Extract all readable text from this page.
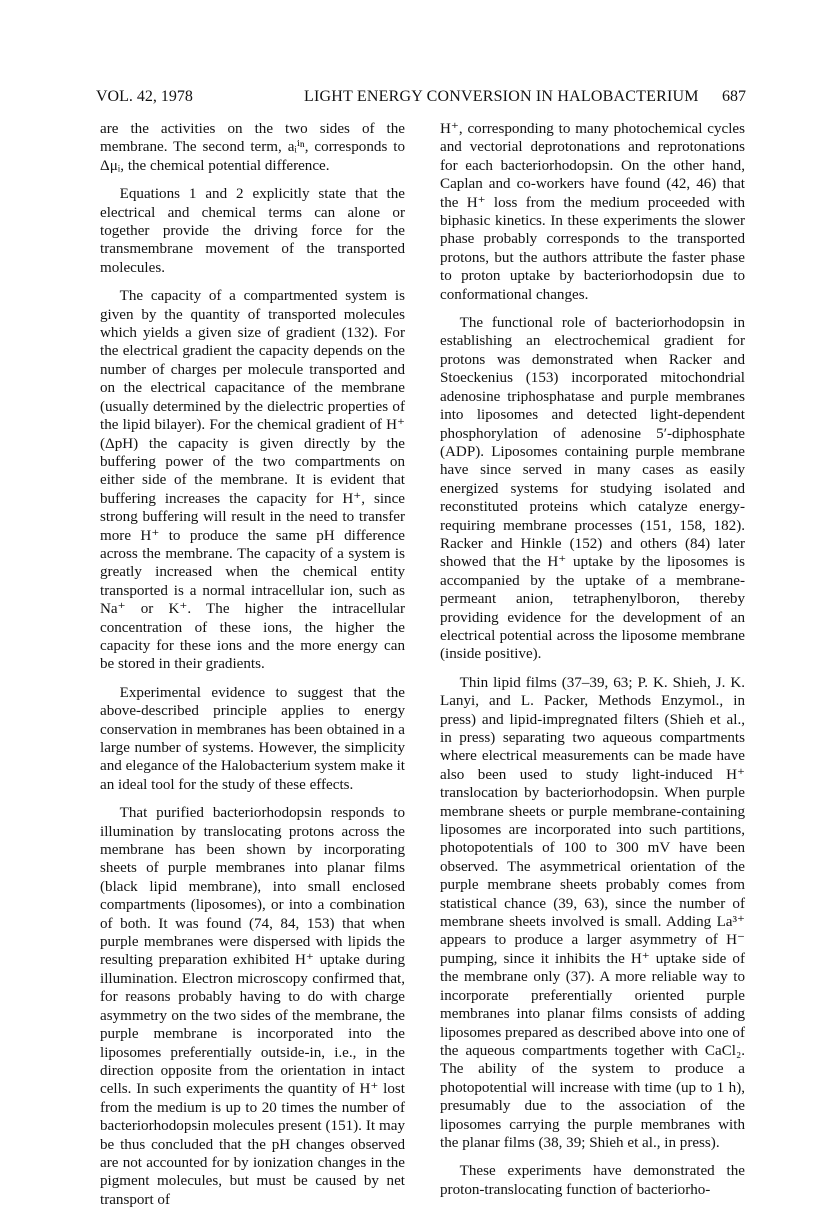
VOL. 42, 1978	LIGHT ENERGY CONVERSION IN HALOBACTERIUM 687

are the activities on the two sides of the membrane. The second term, aᵢⁱⁿ, corresponds to Δμᵢ, the chemical potential difference.

Equations 1 and 2 explicitly state that the electrical and chemical terms can alone or together provide the driving force for the transmembrane movement of the transported molecules.

The capacity of a compartmented system is given by the quantity of transported molecules which yields a given size of gradient (132). For the electrical gradient the capacity depends on the number of charges per molecule transported and on the electrical capacitance of the membrane (usually determined by the dielectric properties of the lipid bilayer). For the chemical gradient of H⁺ (ΔpH) the capacity is given directly by the buffering power of the two compartments on either side of the membrane. It is evident that buffering increases the capacity for H⁺, since strong buffering will result in the need to transfer more H⁺ to produce the same pH difference across the membrane. The capacity of a system is greatly increased when the chemical entity transported is a normal intracellular ion, such as Na⁺ or K⁺. The higher the intracellular concentration of these ions, the higher the capacity for these ions and the more energy can be stored in their gradients.

Experimental evidence to suggest that the above-described principle applies to energy conservation in membranes has been obtained in a large number of systems. However, the simplicity and elegance of the Halobacterium system make it an ideal tool for the study of these effects.

That purified bacteriorhodopsin responds to illumination by translocating protons across the membrane has been shown by incorporating sheets of purple membranes into planar films (black lipid membrane), into small enclosed compartments (liposomes), or into a combination of both. It was found (74, 84, 153) that when purple membranes were dispersed with lipids the resulting preparation exhibited H⁺ uptake during illumination. Electron microscopy confirmed that, for reasons probably having to do with charge asymmetry on the two sides of the membrane, the purple membrane is incorporated into the liposomes preferentially outside-in, i.e., in the direction opposite from the orientation in intact cells. In such experiments the quantity of H⁺ lost from the medium is up to 20 times the number of bacteriorhodopsin molecules present (151). It may be thus concluded that the pH changes observed are not accounted for by ionization changes in the pigment molecules, but must be caused by net transport of

H⁺, corresponding to many photochemical cycles and vectorial deprotonations and reprotonations for each bacteriorhodopsin. On the other hand, Caplan and co-workers have found (42, 46) that the H⁺ loss from the medium proceeded with biphasic kinetics. In these experiments the slower phase probably corresponds to the transported protons, but the authors attribute the faster phase to proton uptake by bacteriorhodopsin due to conformational changes.

The functional role of bacteriorhodopsin in establishing an electrochemical gradient for protons was demonstrated when Racker and Stoeckenius (153) incorporated mitochondrial adenosine triphosphatase and purple membranes into liposomes and detected light-dependent phosphorylation of adenosine 5′-diphosphate (ADP). Liposomes containing purple membrane have since served in many cases as easily energized systems for studying isolated and reconstituted proteins which catalyze energy-requiring membrane processes (151, 158, 182). Racker and Hinkle (152) and others (84) later showed that the H⁺ uptake by the liposomes is accompanied by the uptake of a membrane-permeant anion, tetraphenylboron, thereby providing evidence for the development of an electrical potential across the liposome membrane (inside positive).

Thin lipid films (37–39, 63; P. K. Shieh, J. K. Lanyi, and L. Packer, Methods Enzymol., in press) and lipid-impregnated filters (Shieh et al., in press) separating two aqueous compartments where electrical measurements can be made have also been used to study light-induced H⁺ translocation by bacteriorhodopsin. When purple membrane sheets or purple membrane-containing liposomes are incorporated into such partitions, photopotentials of 100 to 300 mV have been observed. The asymmetrical orientation of the purple membrane sheets probably comes from statistical chance (39, 63), since the number of membrane sheets involved is small. Adding La³⁺ appears to produce a larger asymmetry of H⁻ pumping, since it inhibits the H⁺ uptake side of the membrane only (37). A more reliable way to incorporate preferentially oriented purple membranes into planar films consists of adding liposomes prepared as described above into one of the aqueous compartments together with CaCl₂. The ability of the system to produce a photopotential will increase with time (up to 1 h), presumably due to the association of the liposomes carrying the purple membranes with the planar films (38, 39; Shieh et al., in press).

These experiments have demonstrated the proton-translocating function of bacteriorho-
